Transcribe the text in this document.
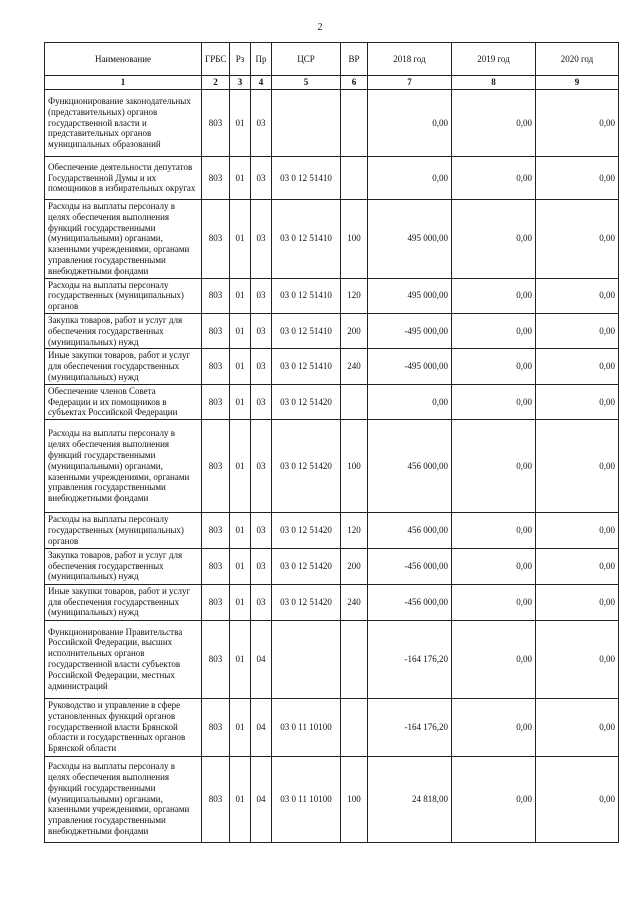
2
Наименование	ГРБС	Рз	Пр	ЦСР	ВР	2018 год	2019 год	2020 год
1	2	3	4	5	6	7	8	9
Функционирование законодательных (представительных) органов государственной власти и представительных органов муниципальных образований	803	01	03			0,00	0,00	0,00
Обеспечение деятельности депутатов Государственной Думы и их помощников в избирательных округах	803	01	03	03 0 12 51410		0,00	0,00	0,00
Расходы на выплаты персоналу в целях обеспечения выполнения функций государственными (муниципальными) органами, казенными учреждениями, органами управления государственными внебюджетными фондами	803	01	03	03 0 12 51410	100	495 000,00	0,00	0,00
Расходы на выплаты персоналу государственных (муниципальных) органов	803	01	03	03 0 12 51410	120	495 000,00	0,00	0,00
Закупка товаров, работ и услуг для обеспечения государственных (муниципальных) нужд	803	01	03	03 0 12 51410	200	-495 000,00	0,00	0,00
Иные закупки товаров, работ и услуг для обеспечения государственных (муниципальных) нужд	803	01	03	03 0 12 51410	240	-495 000,00	0,00	0,00
Обеспечение членов Совета Федерации и их помощников в субъектах Российской Федерации	803	01	03	03 0 12 51420		0,00	0,00	0,00
Расходы на выплаты персоналу в целях обеспечения выполнения функций государственными (муниципальными) органами, казенными учреждениями, органами управления государственными внебюджетными фондами	803	01	03	03 0 12 51420	100	456 000,00	0,00	0,00
Расходы на выплаты персоналу государственных (муниципальных) органов	803	01	03	03 0 12 51420	120	456 000,00	0,00	0,00
Закупка товаров, работ и услуг для обеспечения государственных (муниципальных) нужд	803	01	03	03 0 12 51420	200	-456 000,00	0,00	0,00
Иные закупки товаров, работ и услуг для обеспечения государственных (муниципальных) нужд	803	01	03	03 0 12 51420	240	-456 000,00	0,00	0,00
Функционирование Правительства Российской Федерации, высших исполнительных органов государственной власти субъектов Российской Федерации, местных администраций	803	01	04			-164 176,20	0,00	0,00
Руководство и управление в сфере установленных функций органов государственной власти Брянской области и государственных органов Брянской области	803	01	04	03 0 11 10100		-164 176,20	0,00	0,00
Расходы на выплаты персоналу в целях обеспечения выполнения функций государственными (муниципальными) органами, казенными учреждениями, органами управления государственными внебюджетными фондами	803	01	04	03 0 11 10100	100	24 818,00	0,00	0,00
